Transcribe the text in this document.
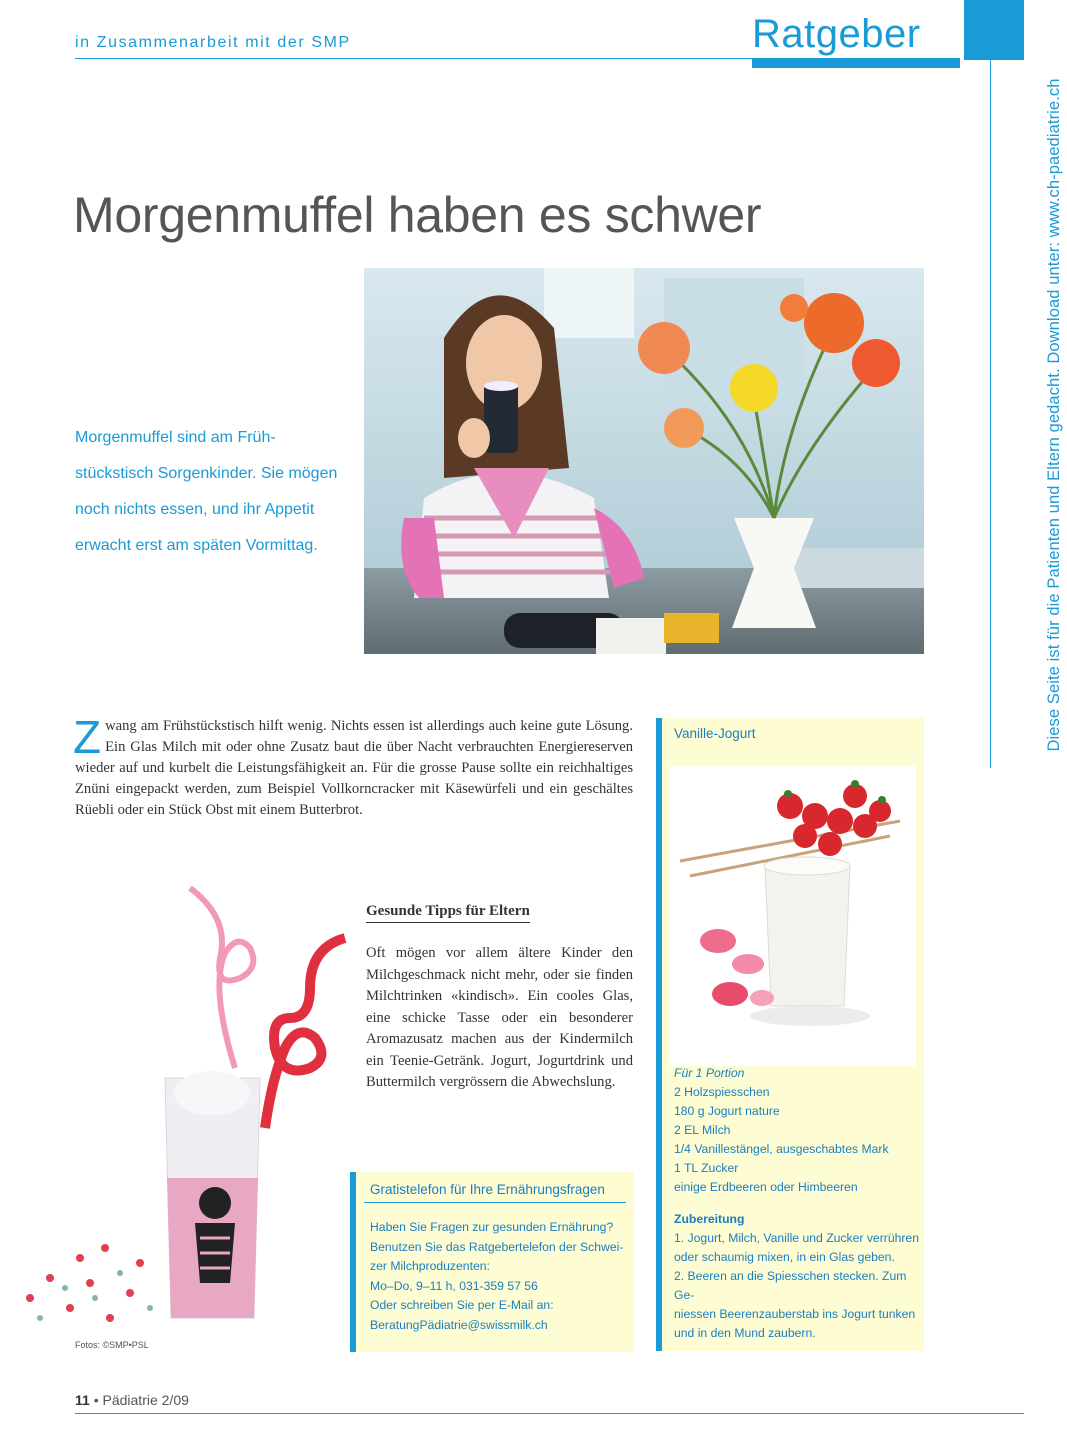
in Zusammenarbeit mit der SMP	Ratgeber
Diese Seite ist für die Patienten und Eltern gedacht. Download unter: www.ch-paediatrie.ch
Morgenmuffel haben es schwer
Morgenmuffel sind am Früh-stückstisch Sorgenkinder. Sie mögen noch nichts essen, und ihr Appetit erwacht erst am späten Vormittag.
Z wang am Frühstückstisch hilft wenig. Nichts essen ist allerdings auch keine gute Lösung. Ein Glas Milch mit oder ohne Zusatz baut die über Nacht verbrauchten Energiereserven wieder auf und kurbelt die Leistungsfähigkeit an. Für die grosse Pause sollte ein reichhaltiges Znüni eingepackt werden, zum Beispiel Vollkorncracker mit Käsewürfeli und ein geschältes Rüebli oder ein Stück Obst mit einem Butterbrot.
Gesunde Tipps für Eltern
Oft mögen vor allem ältere Kinder den Milchgeschmack nicht mehr, oder sie finden Milchtrinken «kindisch». Ein cooles Glas, eine schicke Tasse oder ein besonderer Aromazusatz machen aus der Kindermilch ein Teenie-Getränk. Jogurt, Jogurtdrink und Buttermilch vergrössern die Abwechslung.
Fotos: ©SMP•PSL
Gratistelefon für Ihre Ernährungsfragen
Haben Sie Fragen zur gesunden Ernährung?
Benutzen Sie das Ratgebertelefon der Schwei-
zer Milchproduzenten:
Mo–Do, 9–11 h, 031-359 57 56
Oder schreiben Sie per E-Mail an:
BeratungPädiatrie@swissmilk.ch
Vanille-Jogurt
Für 1 Portion
2 Holzspiesschen
180 g Jogurt nature
2 EL Milch
1/4 Vanillestängel, ausgeschabtes Mark
1 TL Zucker
einige Erdbeeren oder Himbeeren
Zubereitung
1. Jogurt, Milch, Vanille und Zucker verrühren
oder schaumig mixen, in ein Glas geben.
2. Beeren an die Spiesschen stecken. Zum Ge-
niessen Beerenzauberstab ins Jogurt tunken
und in den Mund zaubern.
11 • Pädiatrie 2/09
